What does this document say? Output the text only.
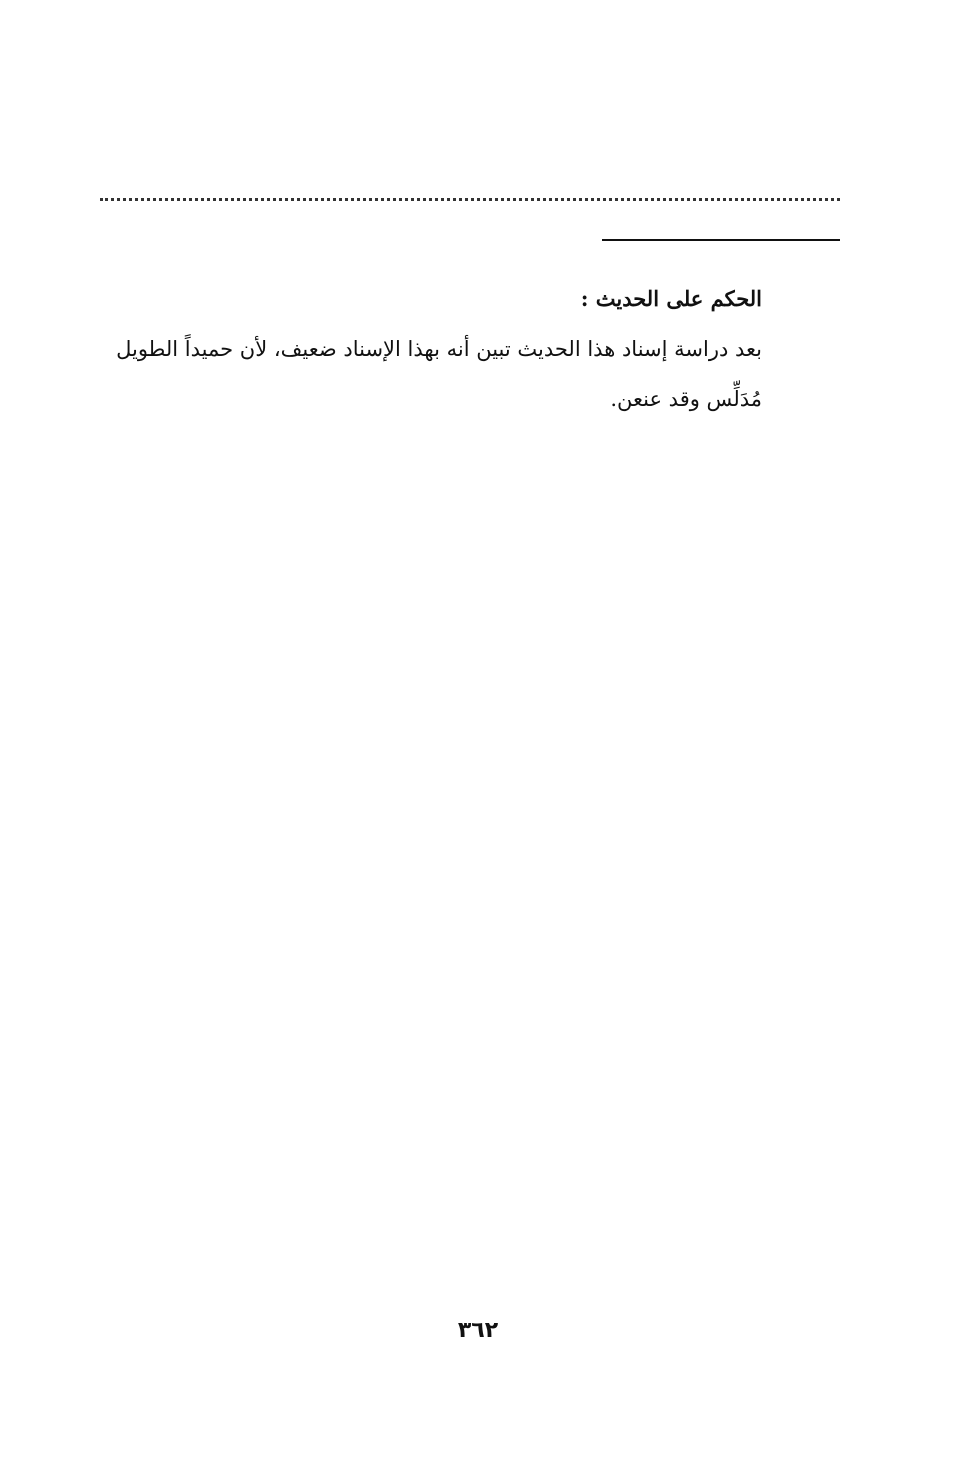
الحكم على الحديث :

بعد دراسة إسناد هذا الحديث تبين أنه بهذا الإسناد ضعيف، لأن حميداً الطويل

مُدَلِّس وقد عنعن.

٣٦٢
